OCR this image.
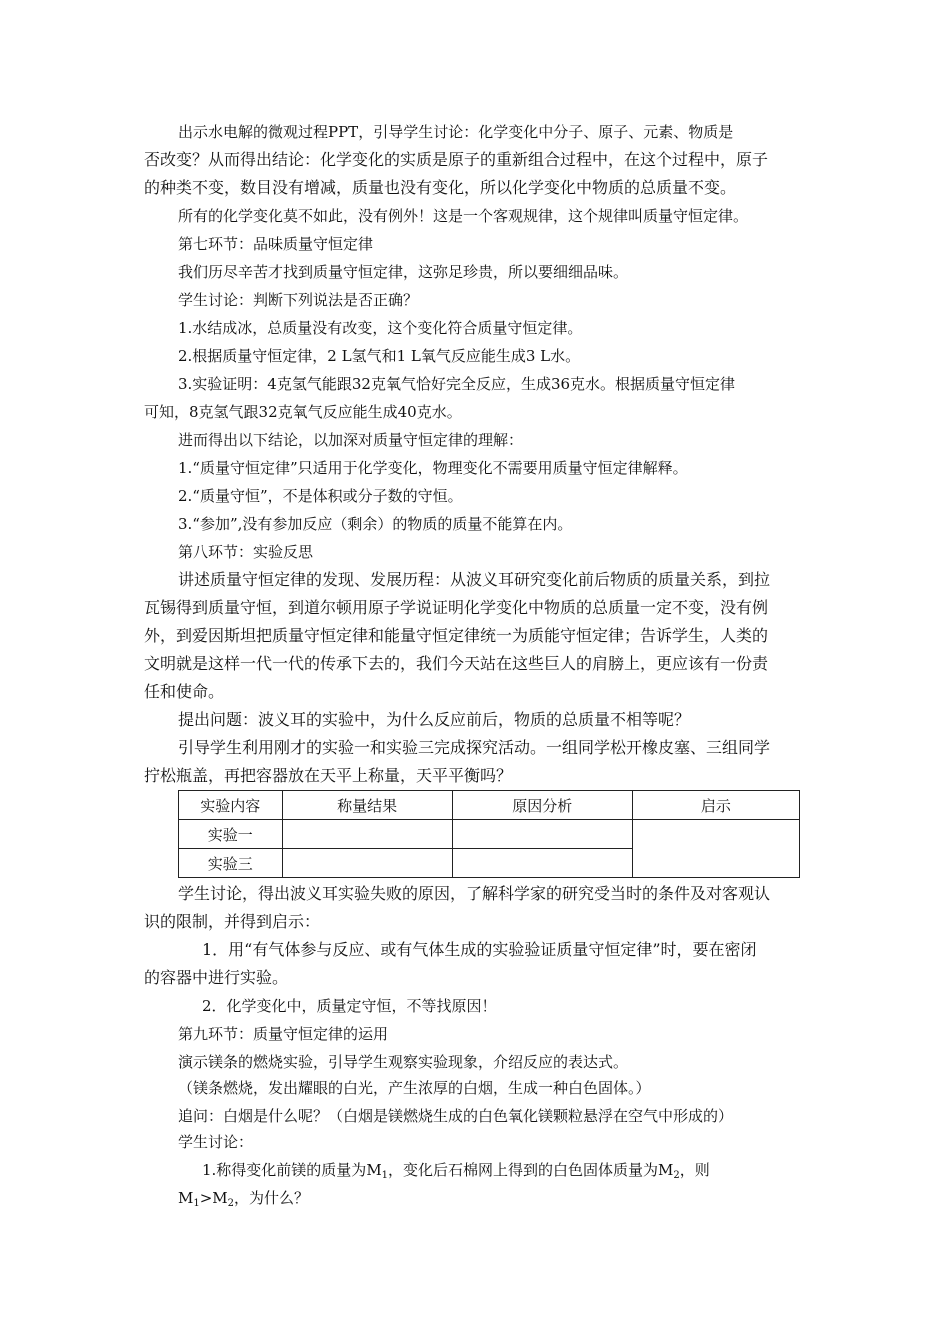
出示水电解的微观过程PPT，引导学生讨论：化学变化中分子、原子、元素、物质是
否改变？从而得出结论：化学变化的实质是原子的重新组合过程中，在这个过程中，原子
的种类不变，数目没有增减，质量也没有变化，所以化学变化中物质的总质量不变。
所有的化学变化莫不如此，没有例外！这是一个客观规律，这个规律叫质量守恒定律。
第七环节：品味质量守恒定律
我们历尽辛苦才找到质量守恒定律，这弥足珍贵，所以要细细品味。
学生讨论：判断下列说法是否正确？
1.水结成冰，总质量没有改变，这个变化符合质量守恒定律。
2.根据质量守恒定律，2 L氢气和1 L氧气反应能生成3 L水。
3.实验证明：4克氢气能跟32克氧气恰好完全反应，生成36克水。根据质量守恒定律
可知，8克氢气跟32克氧气反应能生成40克水。
进而得出以下结论，以加深对质量守恒定律的理解：
1.“质量守恒定律”只适用于化学变化，物理变化不需要用质量守恒定律解释。
2.“质量守恒”，不是体积或分子数的守恒。
3.“参加”,没有参加反应（剩余）的物质的质量不能算在内。
第八环节：实验反思
讲述质量守恒定律的发现、发展历程：从波义耳研究变化前后物质的质量关系，到拉
瓦锡得到质量守恒，到道尔顿用原子学说证明化学变化中物质的总质量一定不变，没有例
外，到爱因斯坦把质量守恒定律和能量守恒定律统一为质能守恒定律；告诉学生，人类的
文明就是这样一代一代的传承下去的，我们今天站在这些巨人的肩膀上，更应该有一份责
任和使命。
提出问题：波义耳的实验中，为什么反应前后，物质的总质量不相等呢？
引导学生利用刚才的实验一和实验三完成探究活动。一组同学松开橡皮塞、三组同学
拧松瓶盖，再把容器放在天平上称量，天平平衡吗？
实验内容	称量结果	原因分析	启示
实验一			
实验三			
学生讨论，得出波义耳实验失败的原因，了解科学家的研究受当时的条件及对客观认
识的限制，并得到启示：
1．用“有气体参与反应、或有气体生成的实验验证质量守恒定律”时，要在密闭
的容器中进行实验。
2．化学变化中，质量定守恒，不等找原因！
第九环节：质量守恒定律的运用
演示镁条的燃烧实验，引导学生观察实验现象，介绍反应的表达式。
（镁条燃烧，发出耀眼的白光，产生浓厚的白烟，生成一种白色固体。）
追问：白烟是什么呢？（白烟是镁燃烧生成的白色氧化镁颗粒悬浮在空气中形成的）
学生讨论：
1.称得变化前镁的质量为$M_1$，变化后石棉网上得到的白色固体质量为$M_2$，则
$M_1>M_2$，为什么？
